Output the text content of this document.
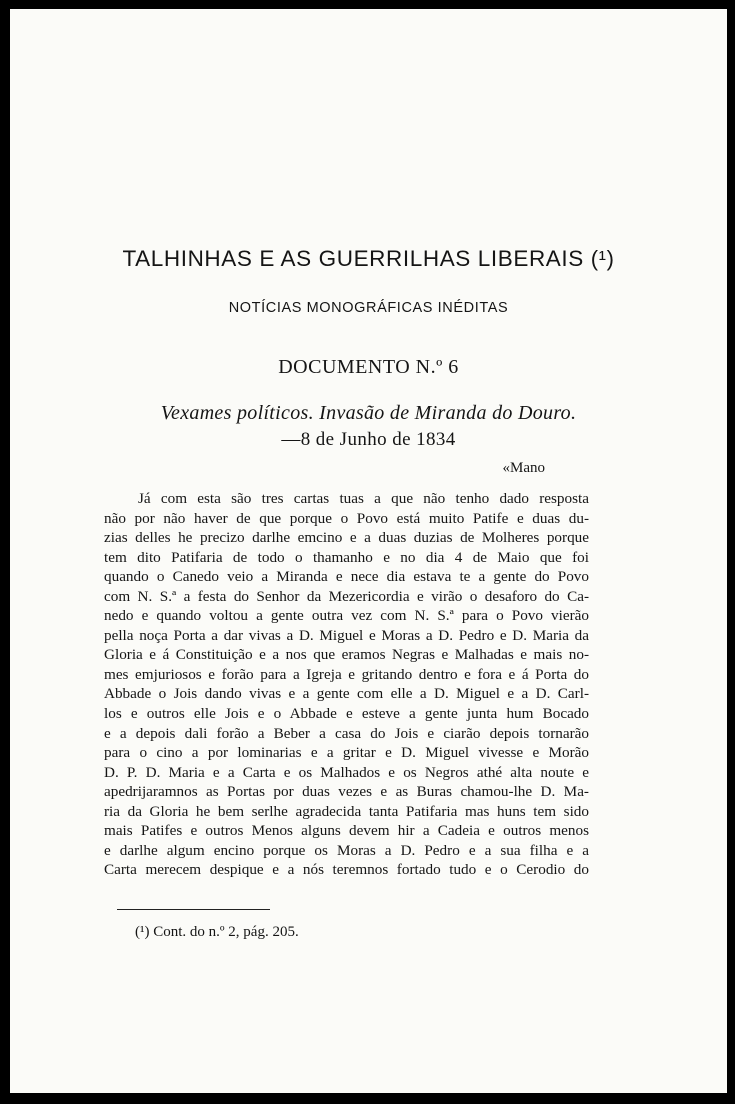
TALHINHAS E AS GUERRILHAS LIBERAIS (¹)
NOTÍCIAS MONOGRÁFICAS INÉDITAS
DOCUMENTO N.º 6
Vexames políticos. Invasão de Miranda do Douro.
—8 de Junho de 1834
«Mano
Já com esta são tres cartas tuas a que não tenho dado resposta
não por não haver de que porque o Povo está muito Patife e duas du-
zias delles he precizo darlhe emcino e a duas duzias de Molheres porque
tem dito Patifaria de todo o thamanho e no dia 4 de Maio que foi
quando o Canedo veio a Miranda e nece dia estava te a gente do Povo
com N. S.ª a festa do Senhor da Mezericordia e virão o desaforo do Ca-
nedo e quando voltou a gente outra vez com N. S.ª para o Povo vierão
pella noça Porta a dar vivas a D. Miguel e Moras a D. Pedro e D. Maria da
Gloria e á Constituição e a nos que eramos Negras e Malhadas e mais no-
mes emjuriosos e forão para a Igreja e gritando dentro e fora e á Porta do
Abbade o Jois dando vivas e a gente com elle a D. Miguel e a D. Carl-
los e outros elle Jois e o Abbade e esteve a gente junta hum Bocado
e a depois dali forão a Beber a casa do Jois e ciarão depois tornarão
para o cino a por lominarias e a gritar e D. Miguel vivesse e Morão
D. P. D. Maria e a Carta e os Malhados e os Negros athé alta noute e
apedrijaramnos as Portas por duas vezes e as Buras chamou-lhe D. Ma-
ria da Gloria he bem serlhe agradecida tanta Patifaria mas huns tem sido
mais Patifes e outros Menos alguns devem hir a Cadeia e outros menos
e darlhe algum encino porque os Moras a D. Pedro e a sua filha e a
Carta merecem despique e a nós teremnos fortado tudo e o Cerodio do
(¹) Cont. do n.º 2, pág. 205.
